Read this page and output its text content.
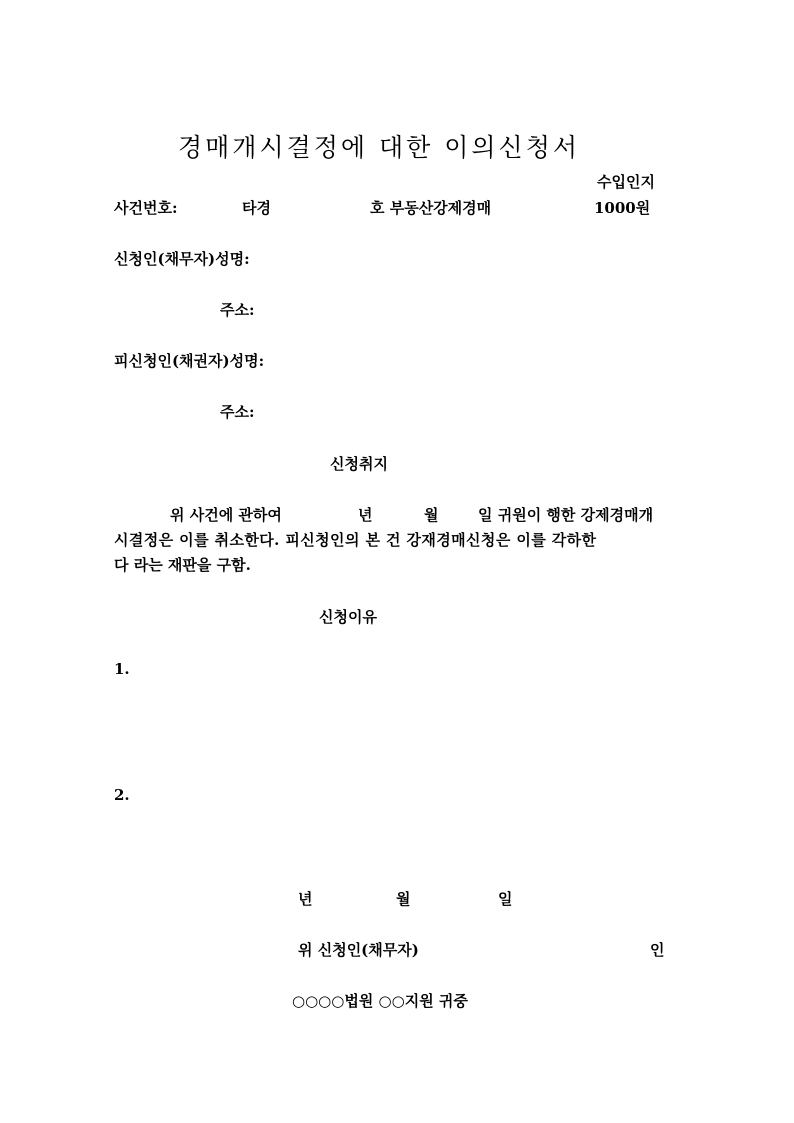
경매개시결정에 대한 이의신청서
수입인지
사건번호:	타경	호 부동산강제경매	1000원
신청인(채무자)성명:
주소:
피신청인(채권자)성명:
주소:
신청취지
위 사건에 관하여	년	월	일 귀원이 행한 강제경매개
시결정은 이를 취소한다. 피신청인의 본 건 강재경매신청은 이를 각하한
다 라는 재판을 구함.
신청이유
1.
2.
년	월	일
위 신청인(채무자)	인
○○○○법원 ○○지원 귀중
